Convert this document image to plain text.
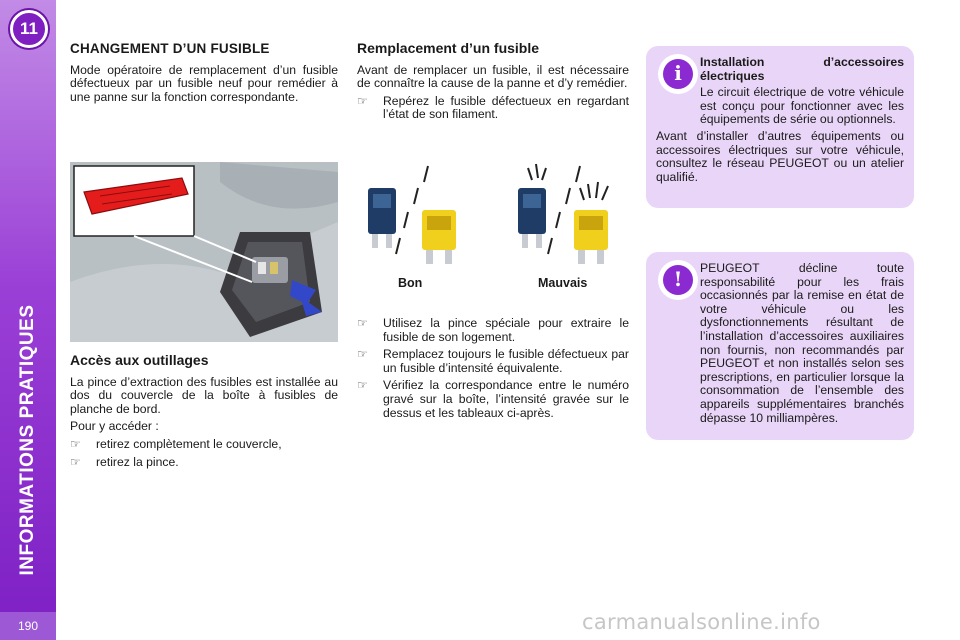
11
INFORMATIONS PRATIQUES
190
CHANGEMENT D’UN FUSIBLE

Mode opératoire de remplacement d’un fusible défectueux par un fusible neuf pour remédier à une panne sur la fonction correspondante.

Accès aux outillages

La pince d’extraction des fusibles est installée au dos du couvercle de la boîte à fusibles de planche de bord.

Pour y accéder :

☞	retirez complètement le couvercle,
☞	retirez la pince.
Remplacement d’un fusible

Avant de remplacer un fusible, il est nécessaire de connaître la cause de la panne et d’y remédier.

☞	Repérez le fusible défectueux en regardant l’état de son filament.
Bon	Mauvais
☞	Utilisez la pince spéciale pour extraire le fusible de son logement.
☞	Remplacez toujours le fusible défectueux par un fusible d’intensité équivalente.
☞	Vérifiez la correspondance entre le numéro gravé sur la boîte, l’intensité gravée sur le dessus et les tableaux ci-après.
i	Installation d’accessoires électriques

Le circuit électrique de votre véhicule est conçu pour fonctionner avec les équipements de série ou optionnels.

Avant d’installer d’autres équipements ou accessoires électriques sur votre véhicule, consultez le réseau PEUGEOT ou un atelier qualifié.

!	PEUGEOT décline toute responsabilité pour les frais occasionnés par la remise en état de votre véhicule ou les dysfonctionnements résultant de l’installation d’accessoires auxiliaires non fournis, non recommandés par PEUGEOT et non installés selon ses prescriptions, en particulier lorsque la consommation de l’ensemble des appareils supplémentaires branchés dépasse 10 milliampères.

carmanualsonline.info
